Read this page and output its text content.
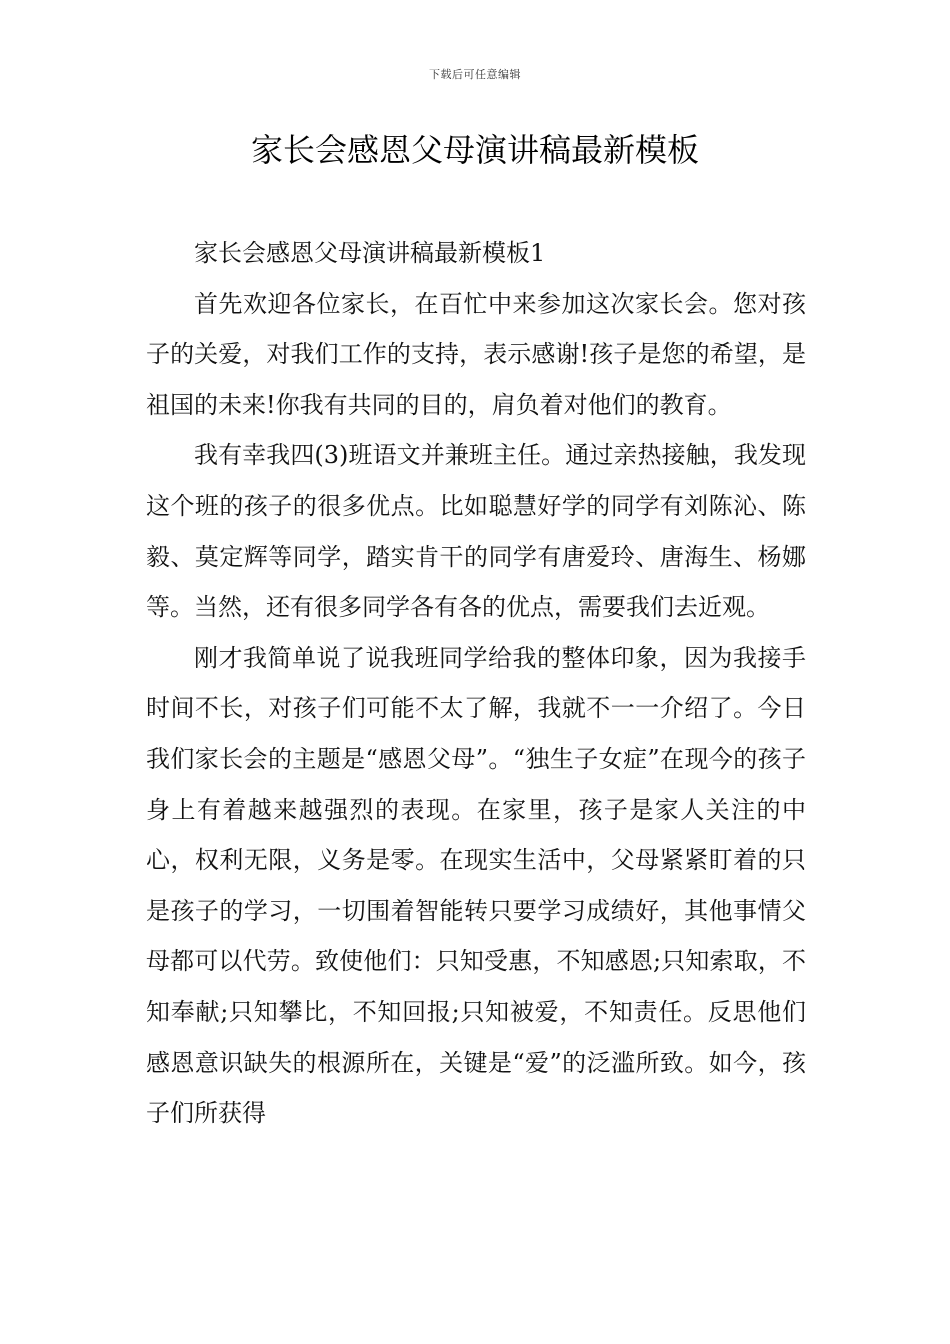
下载后可任意编辑
家长会感恩父母演讲稿最新模板

家长会感恩父母演讲稿最新模板1

首先欢迎各位家长，在百忙中来参加这次家长会。您对孩子的关爱，对我们工作的支持，表示感谢!孩子是您的希望，是祖国的未来!你我有共同的目的，肩负着对他们的教育。

我有幸我四(3)班语文并兼班主任。通过亲热接触，我发现这个班的孩子的很多优点。比如聪慧好学的同学有刘陈沁、陈毅、莫定辉等同学，踏实肯干的同学有唐爱玲、唐海生、杨娜等。当然，还有很多同学各有各的优点，需要我们去近观。

刚才我简单说了说我班同学给我的整体印象，因为我接手时间不长，对孩子们可能不太了解，我就不一一介绍了。今日我们家长会的主题是“感恩父母”。“独生子女症”在现今的孩子身上有着越来越强烈的表现。在家里，孩子是家人关注的中心，权利无限，义务是零。在现实生活中，父母紧紧盯着的只是孩子的学习，一切围着智能转只要学习成绩好，其他事情父母都可以代劳。致使他们：只知受惠，不知感恩;只知索取，不知奉献;只知攀比，不知回报;只知被爱，不知责任。反思他们感恩意识缺失的根源所在，关键是“爱”的泛滥所致。如今，孩子们所获得
